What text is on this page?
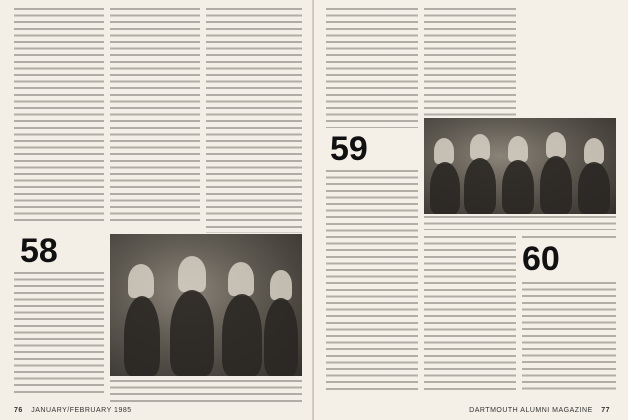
58
76 JANUARY/FEBRUARY 1985
59
60
DARTMOUTH ALUMNI MAGAZINE 77
